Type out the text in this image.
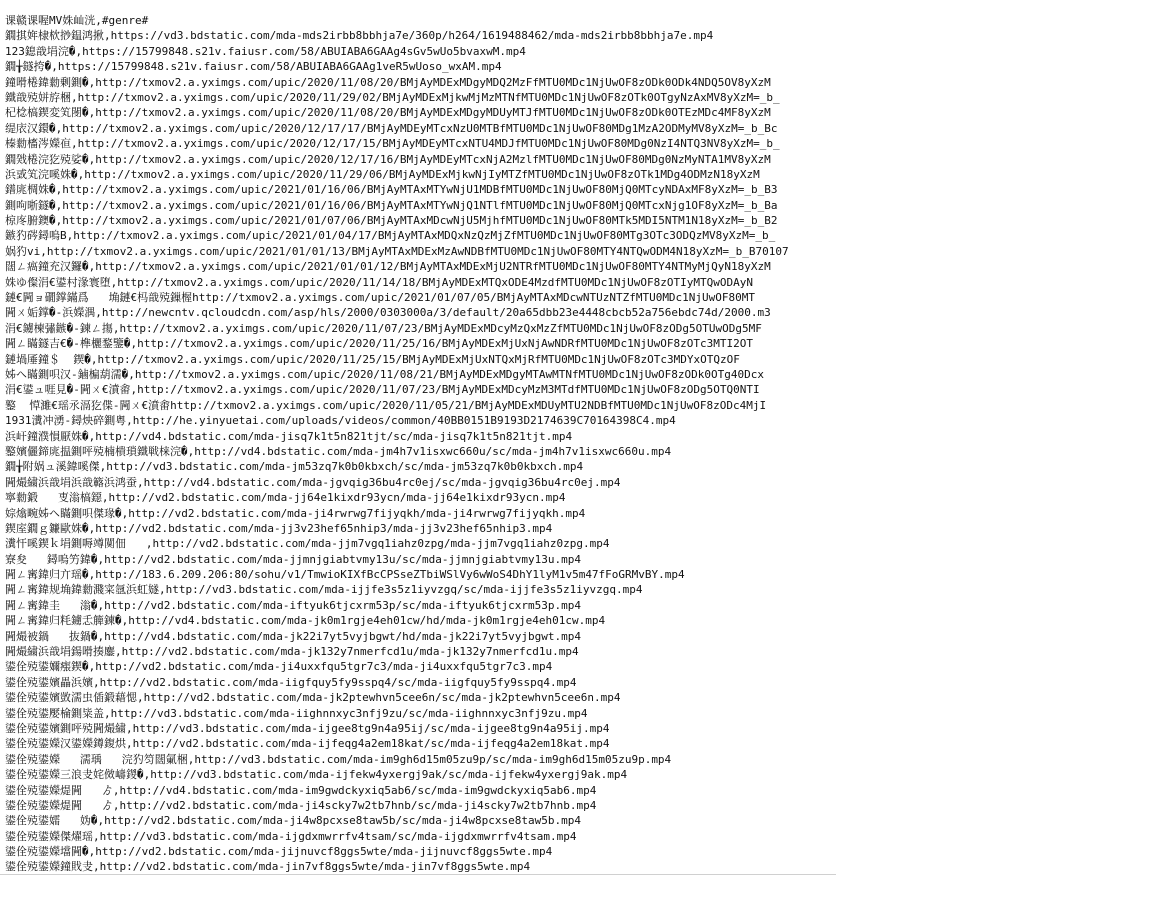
课赣课喔MV姝屾洸,#genre#
鐗掑姩棣栨挱鎾鸿揪,https://vd3.bdstatic.com/mda-mds2irbb8bbhja7e/360p/h264/1619488462/mda-mds2irbb8bbhja7e.mp4
123鎴戠埍浣�,https://15799848.s21v.faiusr.com/58/ABUIABA6GAAg4sGv5wUo5bvaxwM.mp4
鐗╁鐩挎�,https://15799848.s21v.faiusr.com/58/ABUIABA6GAAg1veR5wUoso_wxAM.mp4
鐘嗗棬鍏勬剰鍘�,http://txmov2.a.yximgs.com/upic/2020/11/08/20/BMjAyMDExMDgyMDQ2MzFfMTU0MDc1NjUwOF8zODk0ODk4NDQ5OV8yXzM
鐵戠殑姘斿梱,http://txmov2.a.yximgs.com/upic/2020/11/29/02/BMjAyMDExMjkwMjMzMTNfMTU0MDc1NjUwOF8zOTk0OTgyNzAxMV8yXzM=_b_
杞棯槁鍥変笂閿�,http://txmov2.a.yximgs.com/upic/2020/11/08/20/BMjAyMDExMDgyMDUyMTJfMTU0MDc1NjUwOF8zODk0OTEzMDc4MF8yXzM
缇庡汉鐶�,http://txmov2.a.yximgs.com/upic/2020/12/17/17/BMjAyMDEyMTcxNzU0MTBfMTU0MDc1NjUwOF80MDg1MzA2ODMyMV8yXzM=_b_Bc
榛勬槒涔嬫亱,http://txmov2.a.yximgs.com/upic/2020/12/17/15/BMjAyMDEyMTcxNTU4MDJfMTU0MDc1NjUwOF80MDg0NzI4NTQ3NV8yXzM=_b_
鐗戣棬浣犵殑娑�,http://txmov2.a.yximgs.com/upic/2020/12/17/16/BMjAyMDEyMTcxNjA2MzlfMTU0MDc1NjUwOF80MDg0NzMyNTA1MV8yXzM
浜戜笂浣嗘姝�,http://txmov2.a.yximgs.com/upic/2020/11/29/06/BMjAyMDExMjkwNjIyMTZfMTU0MDc1NjUwOF8zOTk1MDg4ODMzN18yXzM
鐠庣椆姝�,http://txmov2.a.yximgs.com/upic/2021/01/16/06/BMjAyMTAxMTYwNjU1MDBfMTU0MDc1NjUwOF80MjQ0MTcyNDAxMF8yXzM=_b_B3
鍘呴晣鐩�,http://txmov2.a.yximgs.com/upic/2021/01/16/06/BMjAyMTAxMTYwNjQ1NTlfMTU0MDc1NjUwOF80MjQ0MTcxNjg1OF8yXzM=_b_Ba
椋庝腑鐭�,http://txmov2.a.yximgs.com/upic/2021/01/07/06/BMjAyMTAxMDcwNjU5MjhfMTU0MDc1NjUwOF80MTk5MDI5NTM1N18yXzM=_b_B2
鏃犳硶鐞嗚В,http://txmov2.a.yximgs.com/upic/2021/01/04/17/BMjAyMTAxMDQxNzQzMjZfMTU0MDc1NjUwOF80MTg3OTc3ODQzMV8yXzM=_b_
娲犳vi,http://txmov2.a.yximgs.com/upic/2021/01/01/13/BMjAyMTAxMDExMzAwNDBfMTU0MDc1NjUwOF80MTY4NTQwODM4N18yXzM=_b_B70107
闊ㄥ瘑鐘充汉鑼�,http://txmov2.a.yximgs.com/upic/2021/01/01/12/BMjAyMTAxMDExMjU2NTRfMTU0MDc1NjUwOF80MTY4NTMyMjQyN18yXzM
姝ゆ儏涓€鍙村湪寰堕,http://txmov2.a.yximgs.com/upic/2020/11/14/18/BMjAyMDExMTQxODE4MzdfMTU0MDc1NjUwOF8zOTIyMTQwODAyN
鏈€闁ョ礀鐣鏋爲   埆鏈€杩戠殑鏁楃http://txmov2.a.yximgs.com/upic/2021/01/07/05/BMjAyMTAxMDcwNTUzNTZfMTU0MDc1NjUwOF80MT
闁ㄨ姤鐣�-浜嬫湡,http://newcntv.qcloudcdn.com/asp/hls/2000/0303000a/3/default/20a65dbb23e4448cbcb52a756ebdc74d/2000.m3
涓€鐪楝彇鏃�-鍊ㄥ摥,http://txmov2.a.yximgs.com/upic/2020/11/07/23/BMjAyMDExMDcyMzQxMzZfMTU0MDc1NjUwOF8zODg5OTUwODg5MF
闁ㄥ瞞鐩吉€�-榫欐鍪鑒�,http://txmov2.a.yximgs.com/upic/2020/11/25/16/BMjAyMDExMjUxNjAwNDRfMTU0MDc1NjUwOF8zOTc3MTI2OT
鏈堝厜鐘＄  鍥�,http://txmov2.a.yximgs.com/upic/2020/11/25/15/BMjAyMDExMjUxNTQxMjRfMTU0MDc1NjUwOF8zOTc3MDYxOTQzOF
姊ヘ瞞鍘呮汉-鏀楄葫濡�,http://txmov2.a.yximgs.com/upic/2020/11/08/21/BMjAyMDExMDgyMTAwMTNfMTU0MDc1NjUwOF8zODk0OTg40Dcx
涓€鍙ュ啀見�-闁ㄨ€濆畬,http://txmov2.a.yximgs.com/upic/2020/11/07/23/BMjAyMDExMDcyMzM3MTdfMTU0MDc1NjUwOF8zODg5OTQ0NTI
鐜  愺濉€瑶氶滆犵偞-闁ㄨ€濆畬http://txmov2.a.yximgs.com/upic/2020/11/05/21/BMjAyMDExMDUyMTU2NDBfMTU0MDc1NjUwOF8zODc4MjI
1931瀵冲湧-鐞炴碎鍘粤,http://he.yinyuetai.com/uploads/videos/common/40BB0151B9193D2174639C70164398C4.mp4
浜屽鐘濮愪厭姝�,http://vd4.bdstatic.com/mda-jisq7k1t5n821tjt/sc/mda-jisq7k1t5n821tjt.mp4
鐜嬪儷鍗庣揾鍘呯殑楠樻瑣鐵戦梾浣�,http://vd4.bdstatic.com/mda-jm4h7v1isxwc660u/sc/mda-jm4h7v1isxwc660u.mp4
鐗╁附娲ュ溪鍏嗘傑,http://vd3.bdstatic.com/mda-jm53zq7k0b0kbxch/sc/mda-jm53zq7k0b0kbxch.mp4
闁熶繍浜戠埍浜戠簵浜鸿蚕,http://vd4.bdstatic.com/mda-jgvqig36bu4rc0ej/sc/mda-jgvqig36bu4rc0ej.mp4
寧勬鍛   叓滃槁鐚,http://vd2.bdstatic.com/mda-jj64e1kixdr93ycn/mda-jj64e1kixdr93ycn.mp4
婃熻畹姊ヘ瞞鍘呮傑瑑�,http://vd2.bdstatic.com/mda-ji4rwrwg7fijyqkh/mda-ji4rwrwg7fijyqkh.mp4
鍥庢鐗ｇ鐮歐姝�,http://vd2.bdstatic.com/mda-jj3v23hef65nhip3/mda-jj3v23hef65nhip3.mp4
瀵忓嗘鍥ｋ埍鍘嗕竴闃佃   ,http://vd2.bdstatic.com/mda-jjm7vgq1iahz0zpg/mda-jjm7vgq1iahz0zpg.mp4
寮夋   鐞嗚竻鍏�,http://vd2.bdstatic.com/mda-jjmnjgiabtvmy13u/sc/mda-jjmnjgiabtvmy13u.mp4
闁ㄥ寗鍏归亣瑶�,http://183.6.209.206:80/sohu/v1/TmwioKIXfBcCPSseZTbiWSlVy6wWoS4DhY1lyM1v5m47fFoGRMvBY.mp4
闁ㄥ寗鍏规埆鍏勬濺寀氬浜虹嬘,http://vd3.bdstatic.com/mda-ijjfe3s5z1iyvzgq/sc/mda-ijjfe3s5z1iyvzgq.mp4
闁ㄥ寗鍏圭   滃�,http://vd2.bdstatic.com/mda-iftyuk6tjcxrm53p/sc/mda-iftyuk6tjcxrm53p.mp4
闁ㄥ寗鍏归粍鐪忎簲鍊�,http://vd4.bdstatic.com/mda-jk0m1rgje4eh01cw/hd/mda-jk0m1rgje4eh01cw.mp4
闁熶被鍋   抜鍋�,http://vd4.bdstatic.com/mda-jk22i7yt5vyjbgwt/hd/mda-jk22i7yt5vyjbgwt.mp4
闁熶繍浜戠埍鍚嗗揍鏖,http://vd2.bdstatic.com/mda-jk132y7nmerfcd1u/mda-jk132y7nmerfcd1u.mp4
鍙佺殑鍙嬭瘬鍥�,http://vd2.bdstatic.com/mda-ji4uxxfqu5tgr7c3/mda-ji4uxxfqu5tgr7c3.mp4
鍙佺殑鍙嬪畾浜嬪,http://vd2.bdstatic.com/mda-iigfquy5fy9sspq4/sc/mda-iigfquy5fy9sspq4.mp4
鍙佺殑鍙嬪敳濡虫偛鍛藉愢,http://vd2.bdstatic.com/mda-jk2ptewhvn5cee6n/sc/mda-jk2ptewhvn5cee6n.mp4
鍙佺殑鍙嬮棆鍘粊盖,http://vd3.bdstatic.com/mda-iighnnxyc3nfj9zu/sc/mda-iighnnxyc3nfj9zu.mp4
鍙佺殑鍙嬪鍘呯殑闁熶繍,http://vd3.bdstatic.com/mda-ijgee8tg9n4a95ij/sc/mda-ijgee8tg9n4a95ij.mp4
鍙佺殑鍙嬫汉鍙嬫鐏鍑烘,http://vd2.bdstatic.com/mda-ijfeqg4a2em18kat/sc/mda-ijfeqg4a2em18kat.mp4
鍙佺殑鍙嬫   濡瑀   浣犳笉闊氭梱,http://vd3.bdstatic.com/mda-im9gh6d15m05zu9p/sc/mda-im9gh6d15m05zu9p.mp4
鍙佺殑鍙嬫三浪叏姹傚嶹鍐�,http://vd3.bdstatic.com/mda-ijfekw4yxergj9ak/sc/mda-ijfekw4yxergj9ak.mp4
鍙佺殑鍙嬫煶闁   ゟ,http://vd4.bdstatic.com/mda-im9gwdckyxiq5ab6/sc/mda-im9gwdckyxiq5ab6.mp4
鍙佺殑鍙嬫煶闁   ゟ,http://vd2.bdstatic.com/mda-ji4scky7w2tb7hnb/sc/mda-ji4scky7w2tb7hnb.mp4
鍙佺殑鍙嬬   妫�,http://vd2.bdstatic.com/mda-ji4w8pcxse8taw5b/sc/mda-ji4w8pcxse8taw5b.mp4
鍙佺殑鍙嬫傑燿瑶,http://vd3.bdstatic.com/mda-ijgdxmwrrfv4tsam/sc/mda-ijgdxmwrrfv4tsam.mp4
鍙佺殑鍙嬫壋闁�,http://vd2.bdstatic.com/mda-jijnuvcf8ggs5wte/mda-jijnuvcf8ggs5wte.mp4
鍙佺殑鍙嬫鐘戝叏,http://vd2.bdstatic.com/mda-jin7vf8ggs5wte/mda-jin7vf8ggs5wte.mp4
